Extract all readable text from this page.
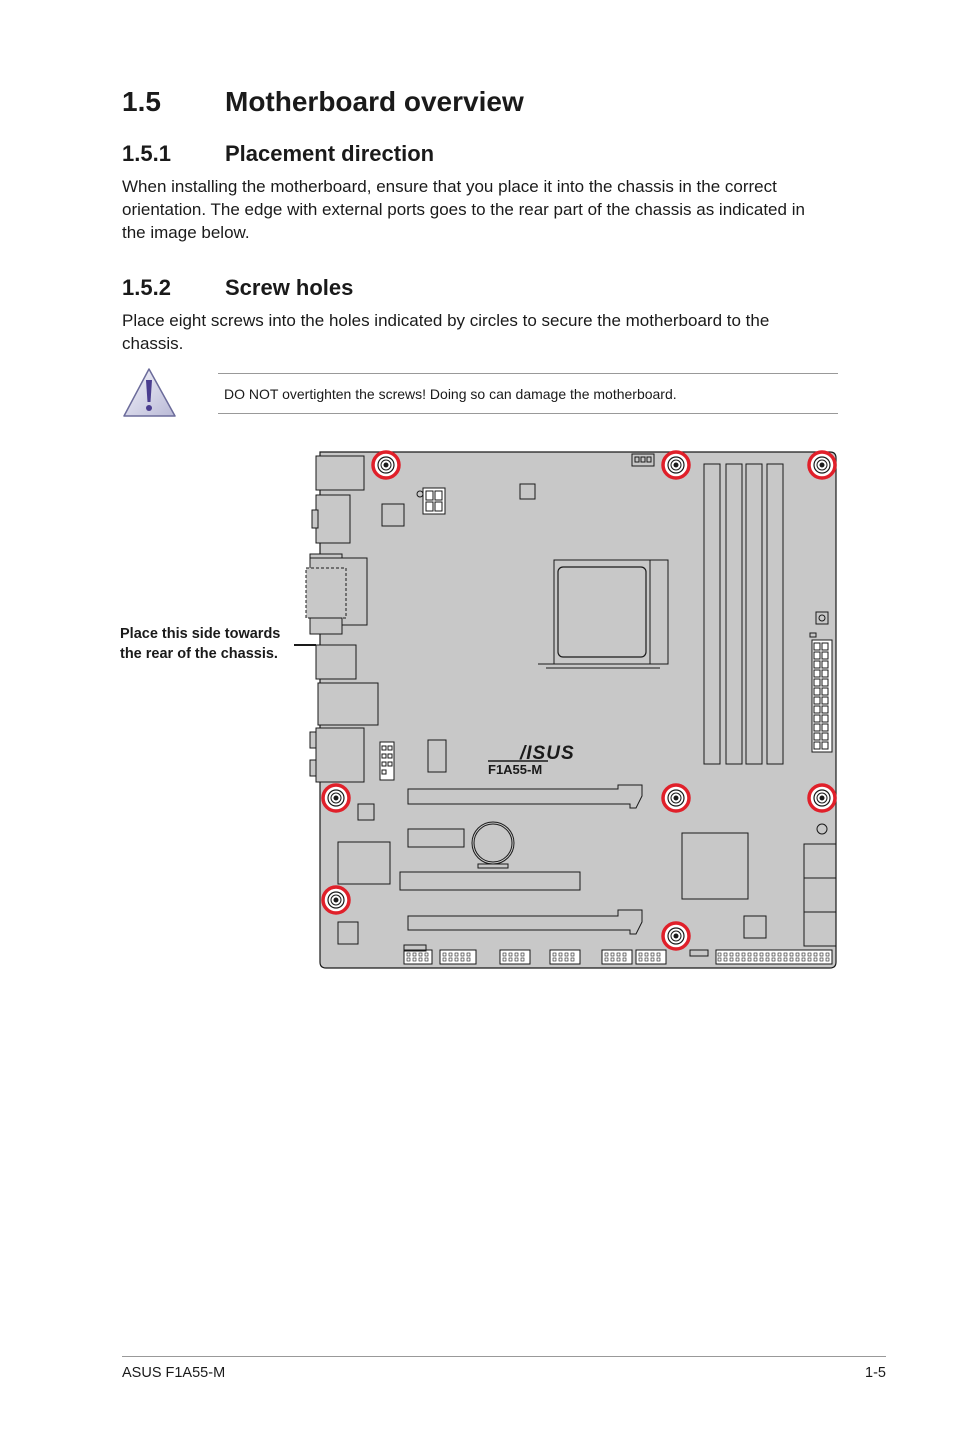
1.5 Motherboard overview
1.5.1 Placement direction

When installing the motherboard, ensure that you place it into the chassis in the correct orientation. The edge with external ports goes to the rear part of the chassis as indicated in the image below.

1.5.2 Screw holes

Place eight screws into the holes indicated by circles to secure the motherboard to the chassis.

DO NOT overtighten the screws! Doing so can damage the motherboard.
Place this side towards
the rear of the chassis.
/ISUS
F1A55-M
ASUS F1A55-M	1-5
